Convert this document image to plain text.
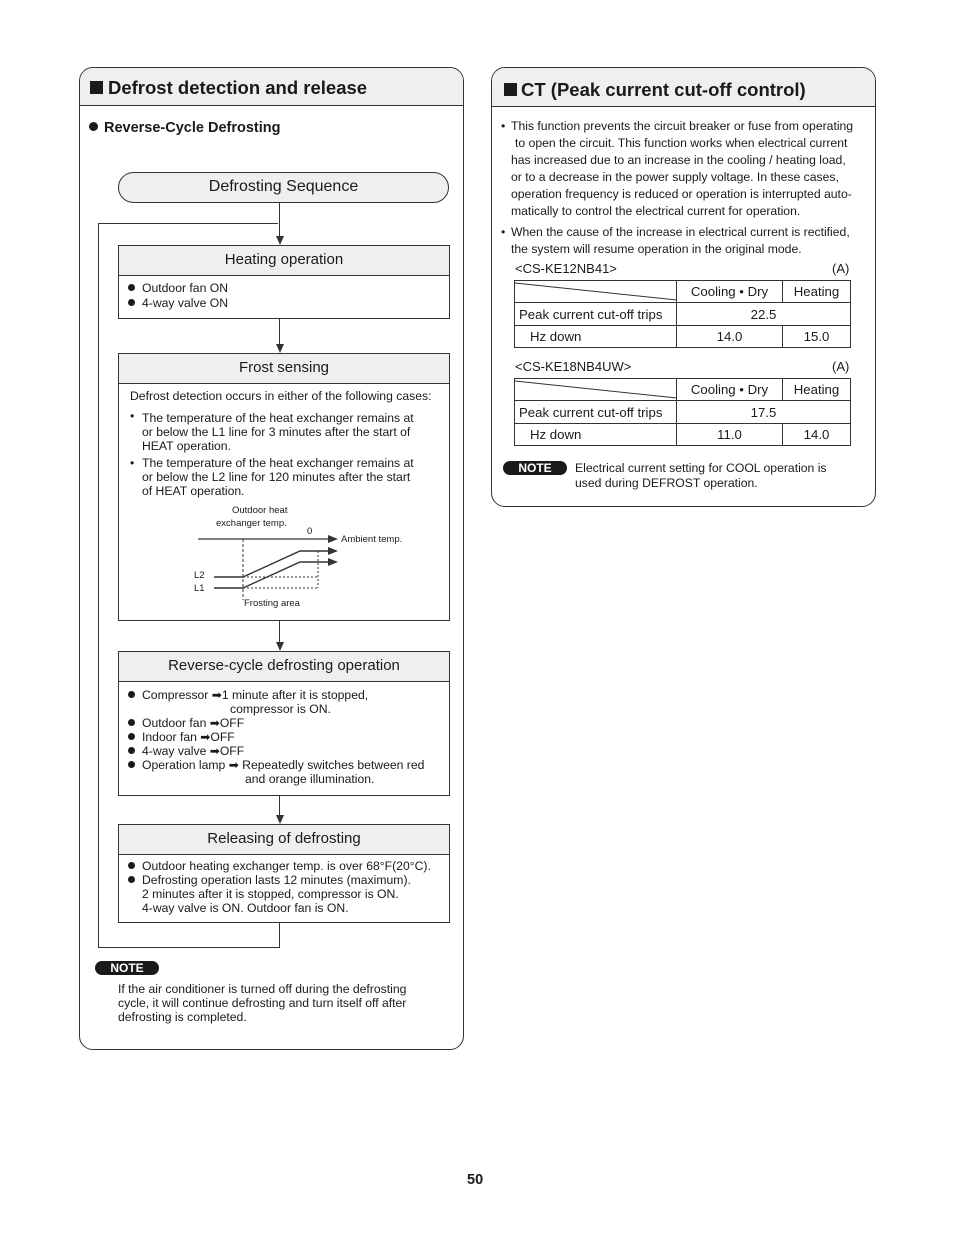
Defrost detection and release
Reverse-Cycle Defrosting
Defrosting Sequence
Heating operation
Outdoor fan ON
4-way valve ON
Frost sensing
Defrost detection occurs in either of the following cases:
• The temperature of the heat exchanger remains at
or below the L1 line for 3 minutes after the start of
HEAT operation.
• The temperature of the heat exchanger remains at
or below the L2 line for 120 minutes after the start
of HEAT operation.
Outdoor heat
exchanger temp.
0
Ambient temp.
L2
L1
Frosting area
Reverse-cycle defrosting operation
Compressor ➡1 minute after it is stopped,
compressor is ON.
Outdoor fan ➡OFF
Indoor fan ➡OFF
4-way valve ➡OFF
Operation lamp ➡ Repeatedly switches between red
and orange illumination.
Releasing of defrosting
Outdoor heating exchanger temp. is over 68°F(20°C).
Defrosting operation lasts 12 minutes (maximum).
2 minutes after it is stopped, compressor is ON.
4-way valve is ON. Outdoor fan is ON.
NOTE
If the air conditioner is turned off during the defrosting
cycle, it will continue defrosting and turn itself off after
defrosting is completed.
CT (Peak current cut-off control)
• This function prevents the circuit breaker or fuse from operating
to open the circuit. This function works when electrical current
has increased due to an increase in the cooling / heating load,
or to a decrease in the power supply voltage. In these cases,
operation frequency is reduced or operation is interrupted auto-
matically to control the electrical current for operation.
• When the cause of the increase in electrical current is rectified,
the system will resume operation in the original mode.
<CS-KE12NB41>	(A)
	Cooling • Dry	Heating
Peak current cut-off trips	22.5	
Hz down	14.0	15.0
<CS-KE18NB4UW>	(A)
	Cooling • Dry	Heating
Peak current cut-off trips	17.5	
Hz down	11.0	14.0
NOTE	Electrical current setting for COOL operation is
used during DEFROST operation.
50
